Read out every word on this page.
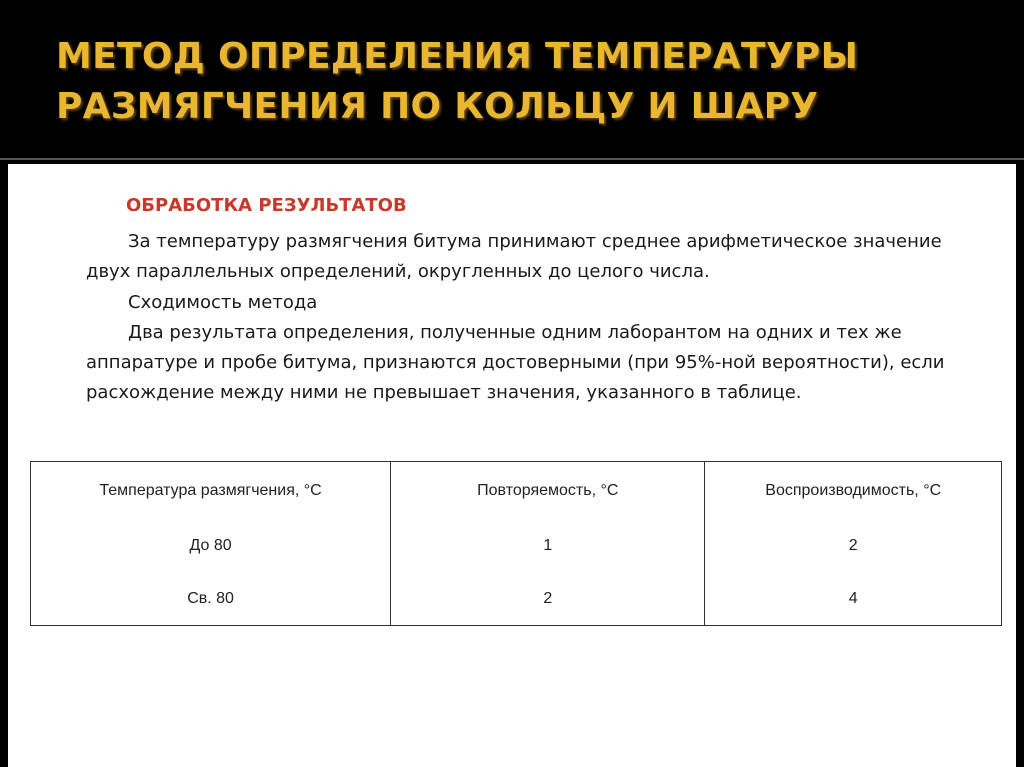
МЕТОД ОПРЕДЕЛЕНИЯ ТЕМПЕРАТУРЫ
РАЗМЯГЧЕНИЯ ПО КОЛЬЦУ И ШАРУ
ОБРАБОТКА РЕЗУЛЬТАТОВ

За температуру размягчения битума принимают среднее арифметическое значение двух параллельных определений, округленных до целого числа.

Сходимость метода

Два результата определения, полученные одним лаборантом на одних и тех же аппаратуре и пробе битума, признаются достоверными (при 95%-ной вероятности), если расхождение между ними не превышает значения, указанного в таблице.

Температура размягчения, °С	Повторяемость, °С	Воспроизводимость, °С
До 80	1	2
Св. 80	2	4
